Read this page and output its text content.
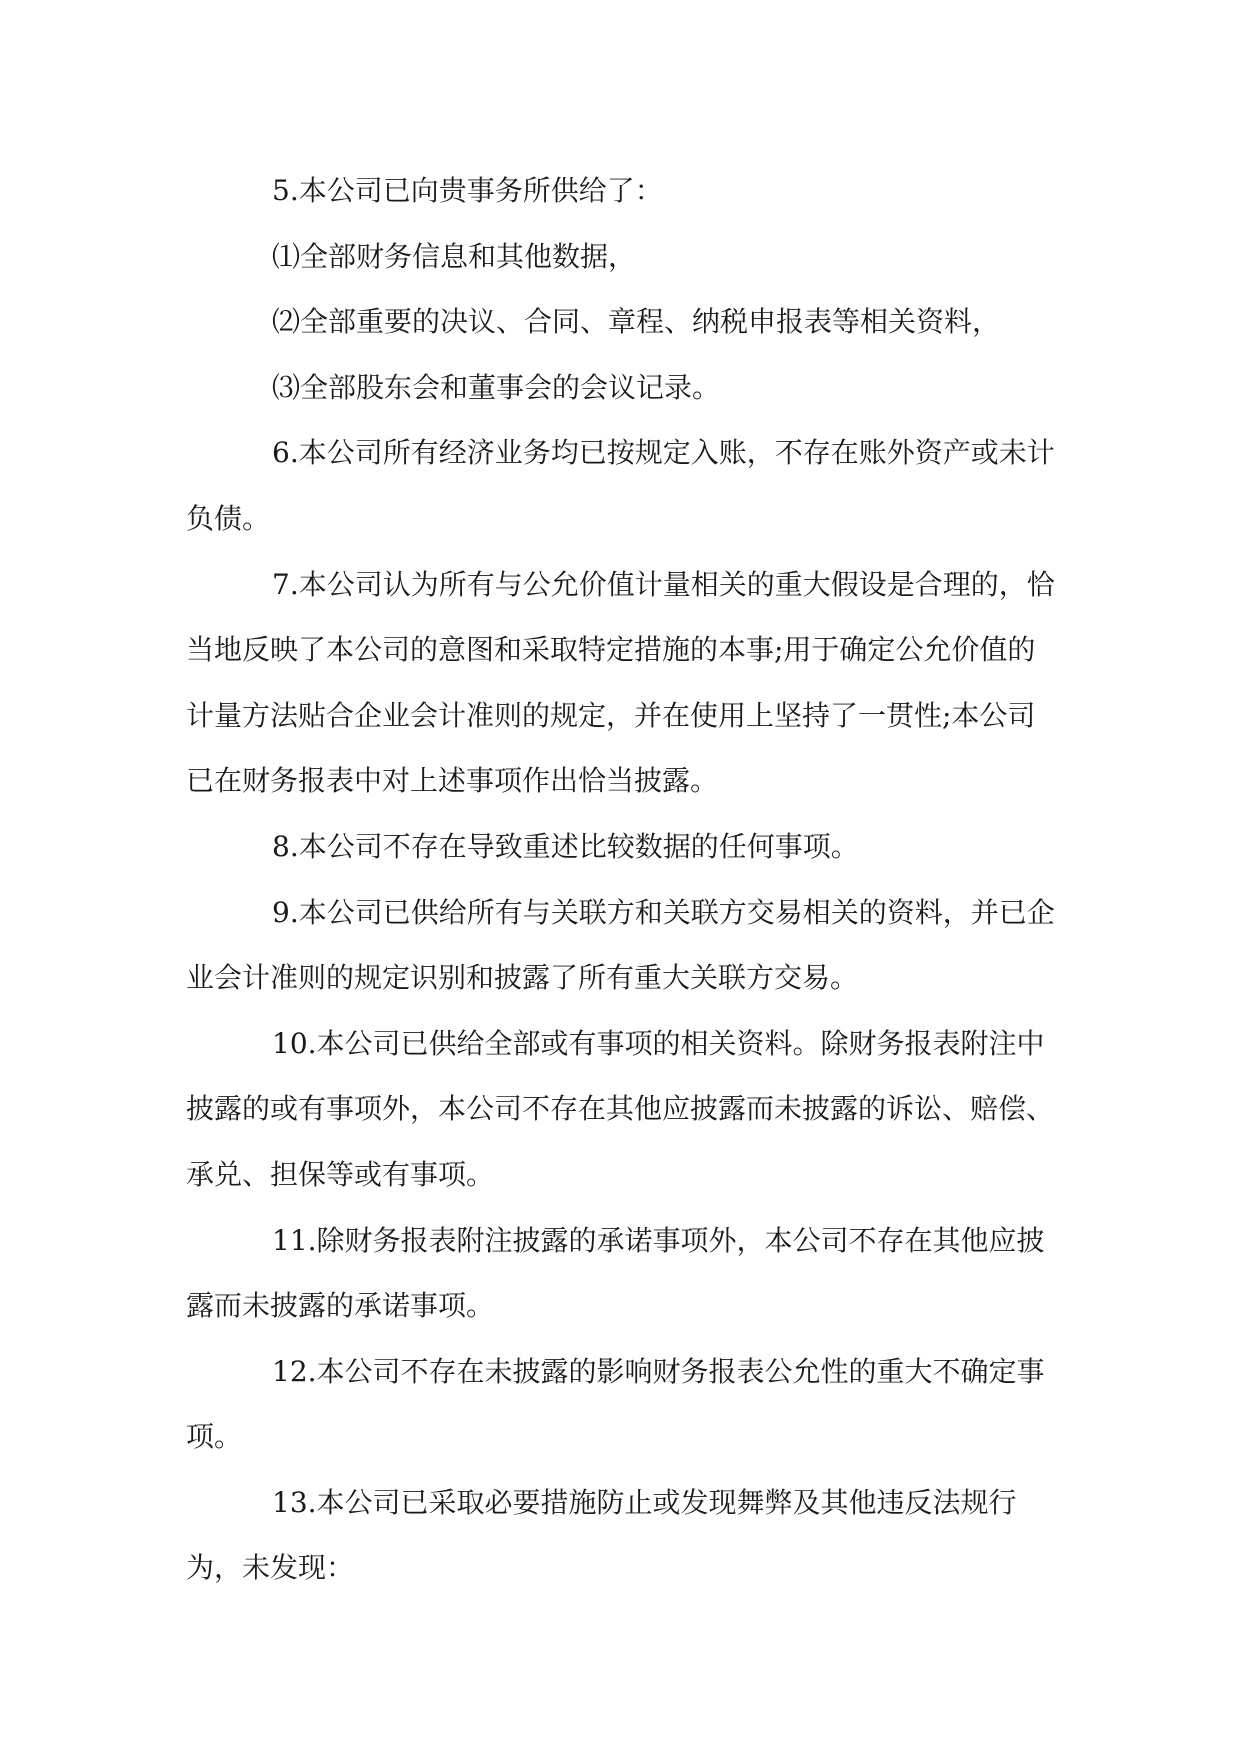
5.本公司已向贵事务所供给了：

⑴全部财务信息和其他数据，

⑵全部重要的决议、合同、章程、纳税申报表等相关资料，

⑶全部股东会和董事会的会议记录。

6.本公司所有经济业务均已按规定入账，不存在账外资产或未计负债。

7.本公司认为所有与公允价值计量相关的重大假设是合理的，恰当地反映了本公司的意图和采取特定措施的本事;用于确定公允价值的计量方法贴合企业会计准则的规定，并在使用上坚持了一贯性;本公司已在财务报表中对上述事项作出恰当披露。

8.本公司不存在导致重述比较数据的任何事项。

9.本公司已供给所有与关联方和关联方交易相关的资料，并已企业会计准则的规定识别和披露了所有重大关联方交易。

10.本公司已供给全部或有事项的相关资料。除财务报表附注中披露的或有事项外，本公司不存在其他应披露而未披露的诉讼、赔偿、承兑、担保等或有事项。

11.除财务报表附注披露的承诺事项外，本公司不存在其他应披露而未披露的承诺事项。

12.本公司不存在未披露的影响财务报表公允性的重大不确定事项。

13.本公司已采取必要措施防止或发现舞弊及其他违反法规行为，未发现：
